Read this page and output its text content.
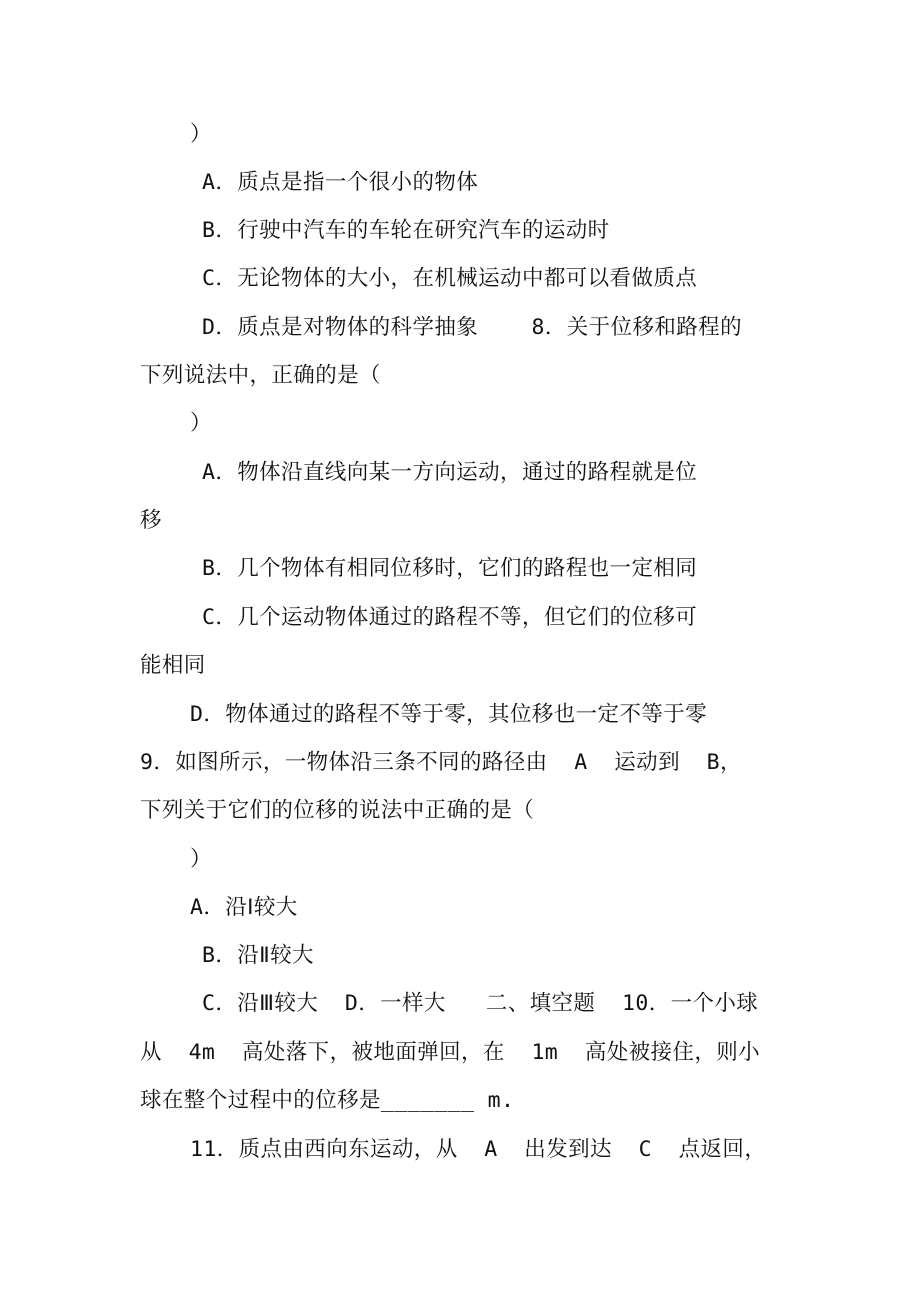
）
A．质点是指一个很小的物体
B．行驶中汽车的车轮在研究汽车的运动时
C．无论物体的大小，在机械运动中都可以看做质点
D．质点是对物体的科学抽象    8．关于位移和路程的
下列说法中，正确的是（
）
A．物体沿直线向某一方向运动，通过的路程就是位
移
B．几个物体有相同位移时，它们的路程也一定相同
C．几个运动物体通过的路程不等，但它们的位移可
能相同
D．物体通过的路程不等于零，其位移也一定不等于零
9．如图所示，一物体沿三条不同的路径由  A  运动到  B，
下列关于它们的位移的说法中正确的是（
）
A．沿Ⅰ较大
B．沿Ⅱ较大
C．沿Ⅲ较大  D．一样大   二、填空题  10．一个小球
从  4m  高处落下，被地面弹回，在  1m  高处被接住，则小
球在整个过程中的位移是_______ m.
11．质点由西向东运动，从  A  出发到达  C  点返回，
